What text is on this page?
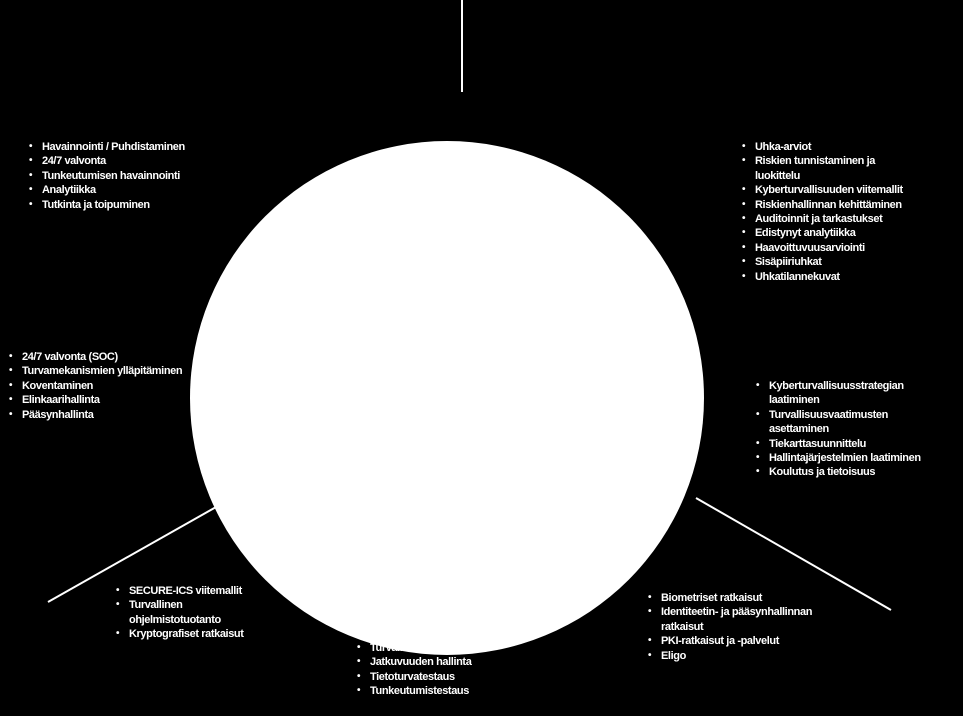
• Havainnointi / Puhdistaminen
• 24/7 valvonta
• Tunkeutumisen havainnointi
• Analytiikka
• Tutkinta ja toipuminen
• Uhka-arviot
• Riskien tunnistaminen ja luokittelu
• Kyberturvallisuuden viitemallit
• Riskienhallinnan kehittäminen
• Auditoinnit ja tarkastukset
• Edistynyt analytiikka
• Haavoittuvuusarviointi
• Sisäpiiriuhkat
• Uhkatilannekuvat
• 24/7 valvonta (SOC)
• Turvamekanismien ylläpitäminen
• Koventaminen
• Elinkaarihallinta
• Pääsynhallinta
• Kyberturvallisuusstrategian laatiminen
• Turvallisuusvaatimusten asettaminen
• Tiekarttasuunnittelu
• Hallintajärjestelmien laatiminen
• Koulutus ja tietoisuus
• SECURE-ICS viitemallit
• Turvallinen ohjelmistotuotanto
• Kryptografiset ratkaisut
• Turvallisuussuunnittelu
• Jatkuvuuden hallinta
• Tietoturvatestaus
• Tunkeutumistestaus
• Biometriset ratkaisut
• Identiteetin- ja pääsynhallinnan ratkaisut
• PKI-ratkaisut ja -palvelut
• Eligo
